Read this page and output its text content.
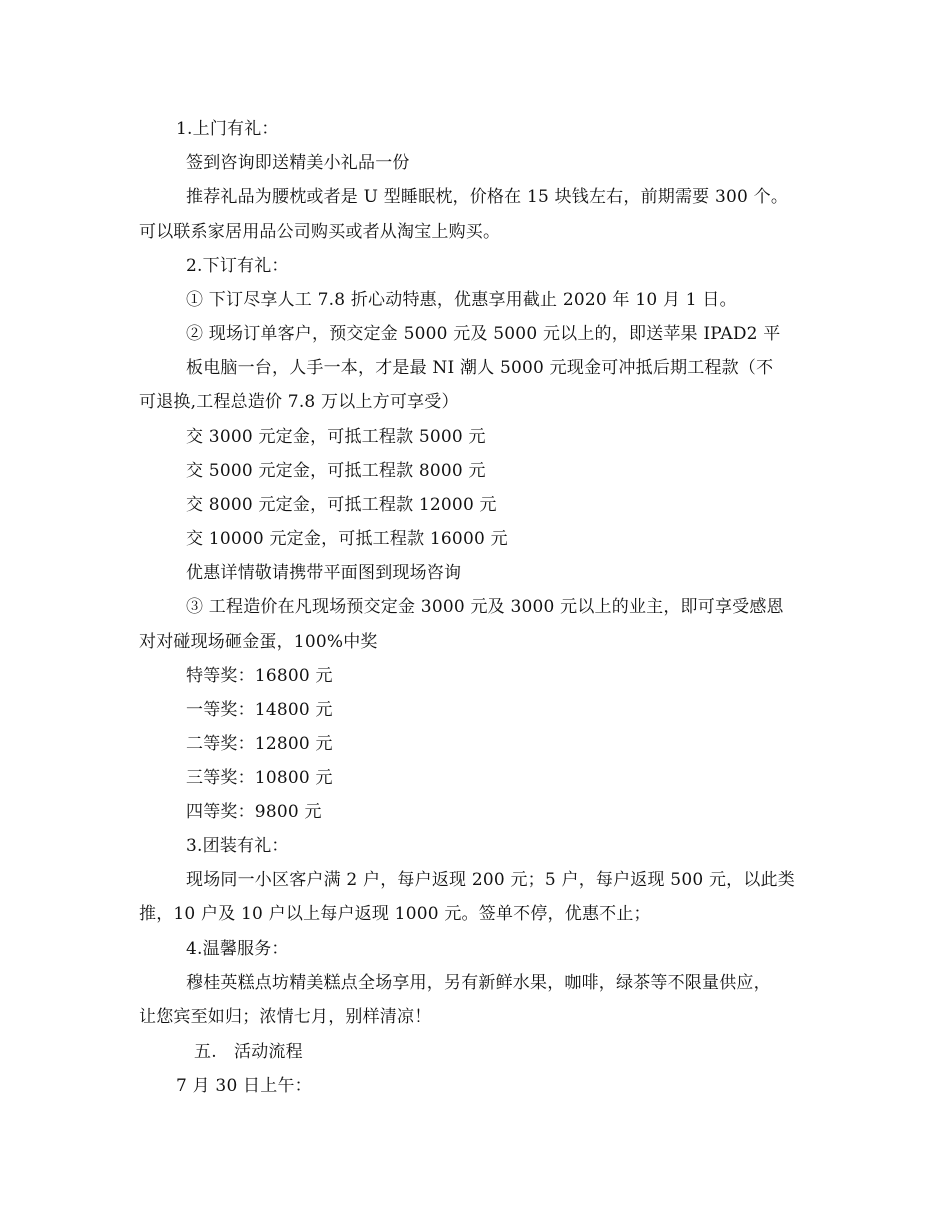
1.上门有礼：
签到咨询即送精美小礼品一份
推荐礼品为腰枕或者是 U 型睡眠枕，价格在 15 块钱左右，前期需要 300 个。
可以联系家居用品公司购买或者从淘宝上购买。
2.下订有礼：
① 下订尽享人工 7.8 折心动特惠，优惠享用截止 2020 年 10 月 1 日。
② 现场订单客户，预交定金 5000 元及 5000 元以上的，即送苹果 IPAD2 平
板电脑一台，人手一本，才是最 NI 潮人 5000 元现金可冲抵后期工程款（不
可退换,工程总造价 7.8 万以上方可享受）
交 3000 元定金，可抵工程款 5000 元
交 5000 元定金，可抵工程款 8000 元
交 8000 元定金，可抵工程款 12000 元
交 10000 元定金，可抵工程款 16000 元
优惠详情敬请携带平面图到现场咨询
③ 工程造价在凡现场预交定金 3000 元及 3000 元以上的业主，即可享受感恩
对对碰现场砸金蛋，100%中奖
特等奖：16800 元
一等奖：14800 元
二等奖：12800 元
三等奖：10800 元
四等奖：9800 元
3.团装有礼：
现场同一小区客户满 2 户，每户返现 200 元；5 户，每户返现 500 元，以此类
推，10 户及 10 户以上每户返现 1000 元。签单不停，优惠不止；
4.温馨服务：
穆桂英糕点坊精美糕点全场享用，另有新鲜水果，咖啡，绿茶等不限量供应，
让您宾至如归；浓情七月，别样清凉！
五.　活动流程
7 月 30 日上午：
